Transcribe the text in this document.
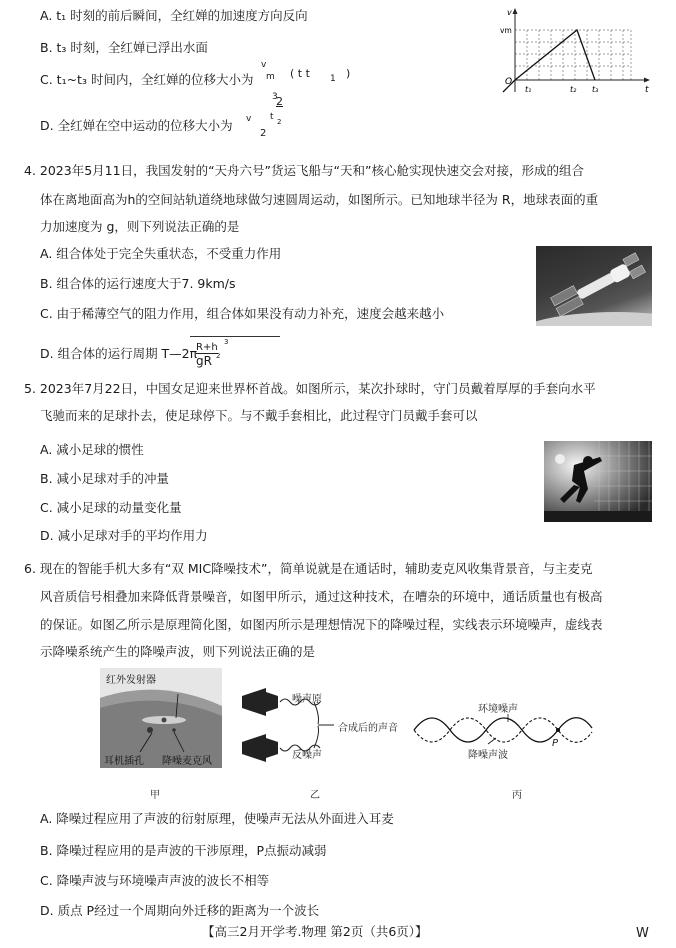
A. t₁ 时刻的前后瞬间，全红婵的加速度方向反向
B. t₃ 时刻，全红婵已浮出水面
C. t₁~t₃ 时间内，全红婵的位移大小为
v
m ( t t 1 )
3
2
D. 全红婵在空中运动的位移大小为 v t 2
2
v
vm
O
t
t₁	t₂ t₃
4. 2023年5月11日，我国发射的“天舟六号”货运飞船与“天和”核心舱实现快速交会对接，形成的组合
体在离地面高为h的空间站轨道绕地球做匀速圆周运动，如图所示。已知地球半径为 R，地球表面的重
力加速度为 g，则下列说法正确的是
A. 组合体处于完全失重状态，不受重力作用
B. 组合体的运行速度大于7. 9km/s
C. 由于稀薄空气的阻力作用，组合体如果没有动力补充，速度会越来越小
D. 组合体的运行周期 T—2π
R+h 3
gR 2
5. 2023年7月22日，中国女足迎来世界杯首战。如图所示，某次扑球时，守门员戴着厚厚的手套向水平
飞驰而来的足球扑去，使足球停下。与不戴手套相比，此过程守门员戴手套可以
A. 减小足球的惯性
B. 减小足球对手的冲量
C. 减小足球的动量变化量
D. 减小足球对手的平均作用力
6. 现在的智能手机大多有“双 MIC降噪技术”，简单说就是在通话时，辅助麦克风收集背景音，与主麦克
风音质信号相叠加来降低背景噪音，如图甲所示，通过这种技术，在嘈杂的环境中，通话质量也有极高
的保证。如图乙所示是原理简化图，如图丙所示是理想情况下的降噪过程，实线表示环境噪声，虚线表
示降噪系统产生的降噪声波，则下列说法正确的是
红外发射器
耳机插孔 降噪麦克风
甲
噪声原
合成后的声音
反噪声
乙
环境噪声
降噪声波
P
丙
A. 降噪过程应用了声波的衍射原理，使噪声无法从外面进入耳麦
B. 降噪过程应用的是声波的干涉原理，P点振动减弱
C. 降噪声波与环境噪声声波的波长不相等
D. 质点 P经过一个周期向外迁移的距离为一个波长
【高三2月开学考.物理 第2页（共6页）】	W
